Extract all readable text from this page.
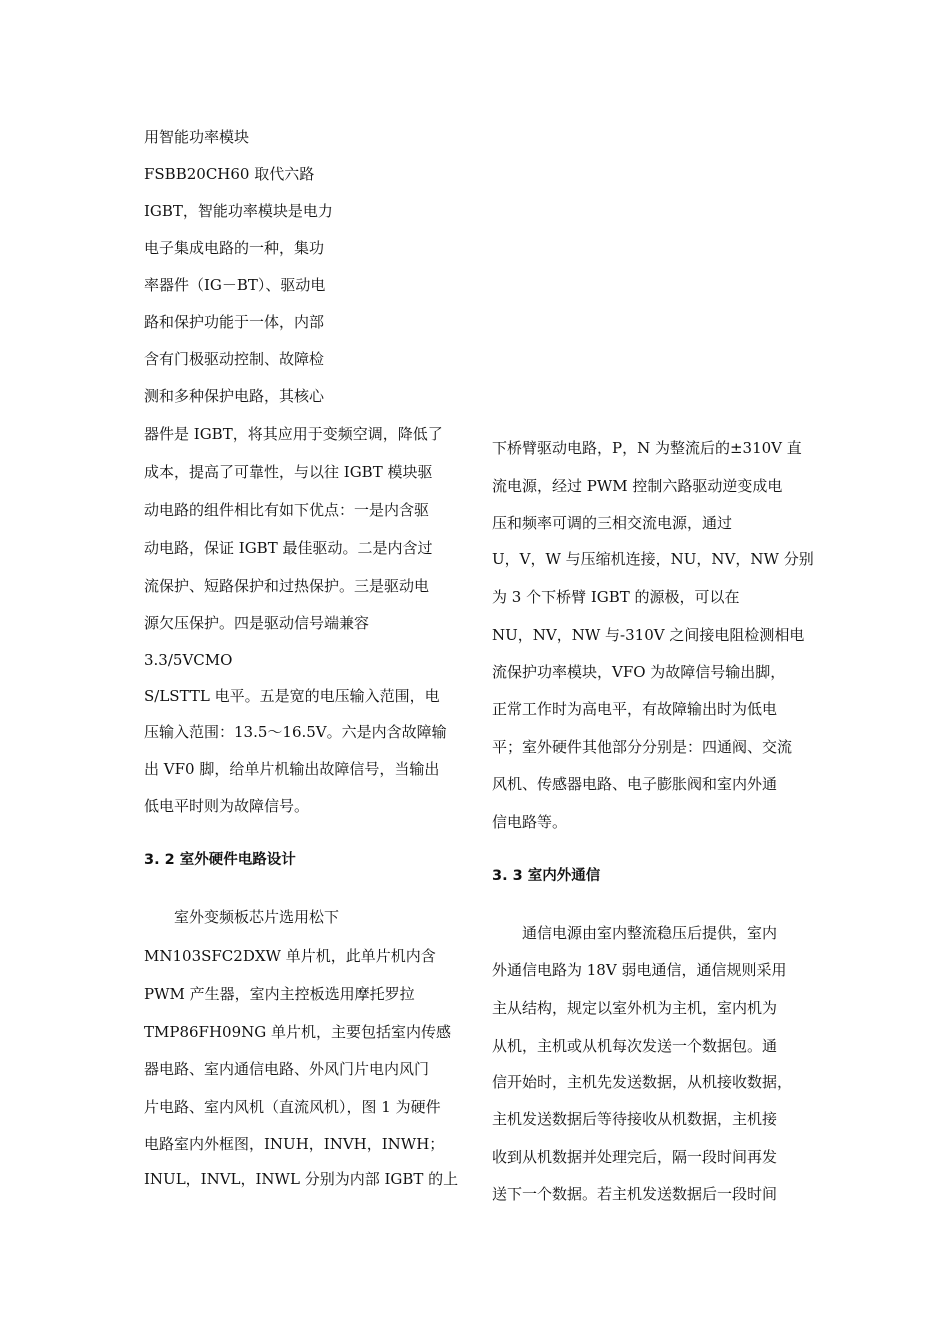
用智能功率模块
FSBB20CH60 取代六路
IGBT，智能功率模块是电力
电子集成电路的一种，集功
率器件（IG－BT）、驱动电
路和保护功能于一体，内部
含有门极驱动控制、故障检
测和多种保护电路，其核心
器件是 IGBT，将其应用于变频空调，降低了
成本，提高了可靠性，与以往 IGBT 模块驱
动电路的组件相比有如下优点：一是内含驱
动电路，保证 IGBT 最佳驱动。二是内含过
流保护、短路保护和过热保护。三是驱动电
源欠压保护。四是驱动信号端兼容
3.3/5VCMO
S/LSTTL 电平。五是宽的电压输入范围，电
压输入范围：13.5～16.5V。六是内含故障输
出 VF0 脚，给单片机输出故障信号，当输出
低电平时则为故障信号。
3. 2 室外硬件电路设计
　　室外变频板芯片选用松下
MN103SFC2DXW 单片机，此单片机内含
PWM 产生器，室内主控板选用摩托罗拉
TMP86FH09NG 单片机，主要包括室内传感
器电路、室内通信电路、外风门片电内风门
片电路、室内风机（直流风机），图 1 为硬件
电路室内外框图，INUH，INVH，INWH；
INUL，INVL，INWL 分别为内部 IGBT 的上
下桥臂驱动电路，P，N 为整流后的±310V 直
流电源，经过 PWM 控制六路驱动逆变成电
压和频率可调的三相交流电源，通过
U，V，W 与压缩机连接，NU，NV，NW 分别
为 3 个下桥臂 IGBT 的源极，可以在
NU，NV，NW 与-310V 之间接电阻检测相电
流保护功率模块，VFO 为故障信号输出脚，
正常工作时为高电平，有故障输出时为低电
平；室外硬件其他部分分别是：四通阀、交流
风机、传感器电路、电子膨胀阀和室内外通
信电路等。
3. 3 室内外通信
　　通信电源由室内整流稳压后提供，室内
外通信电路为 18V 弱电通信，通信规则采用
主从结构，规定以室外机为主机，室内机为
从机，主机或从机每次发送一个数据包。通
信开始时，主机先发送数据，从机接收数据，
主机发送数据后等待接收从机数据，主机接
收到从机数据并处理完后，隔一段时间再发
送下一个数据。若主机发送数据后一段时间
